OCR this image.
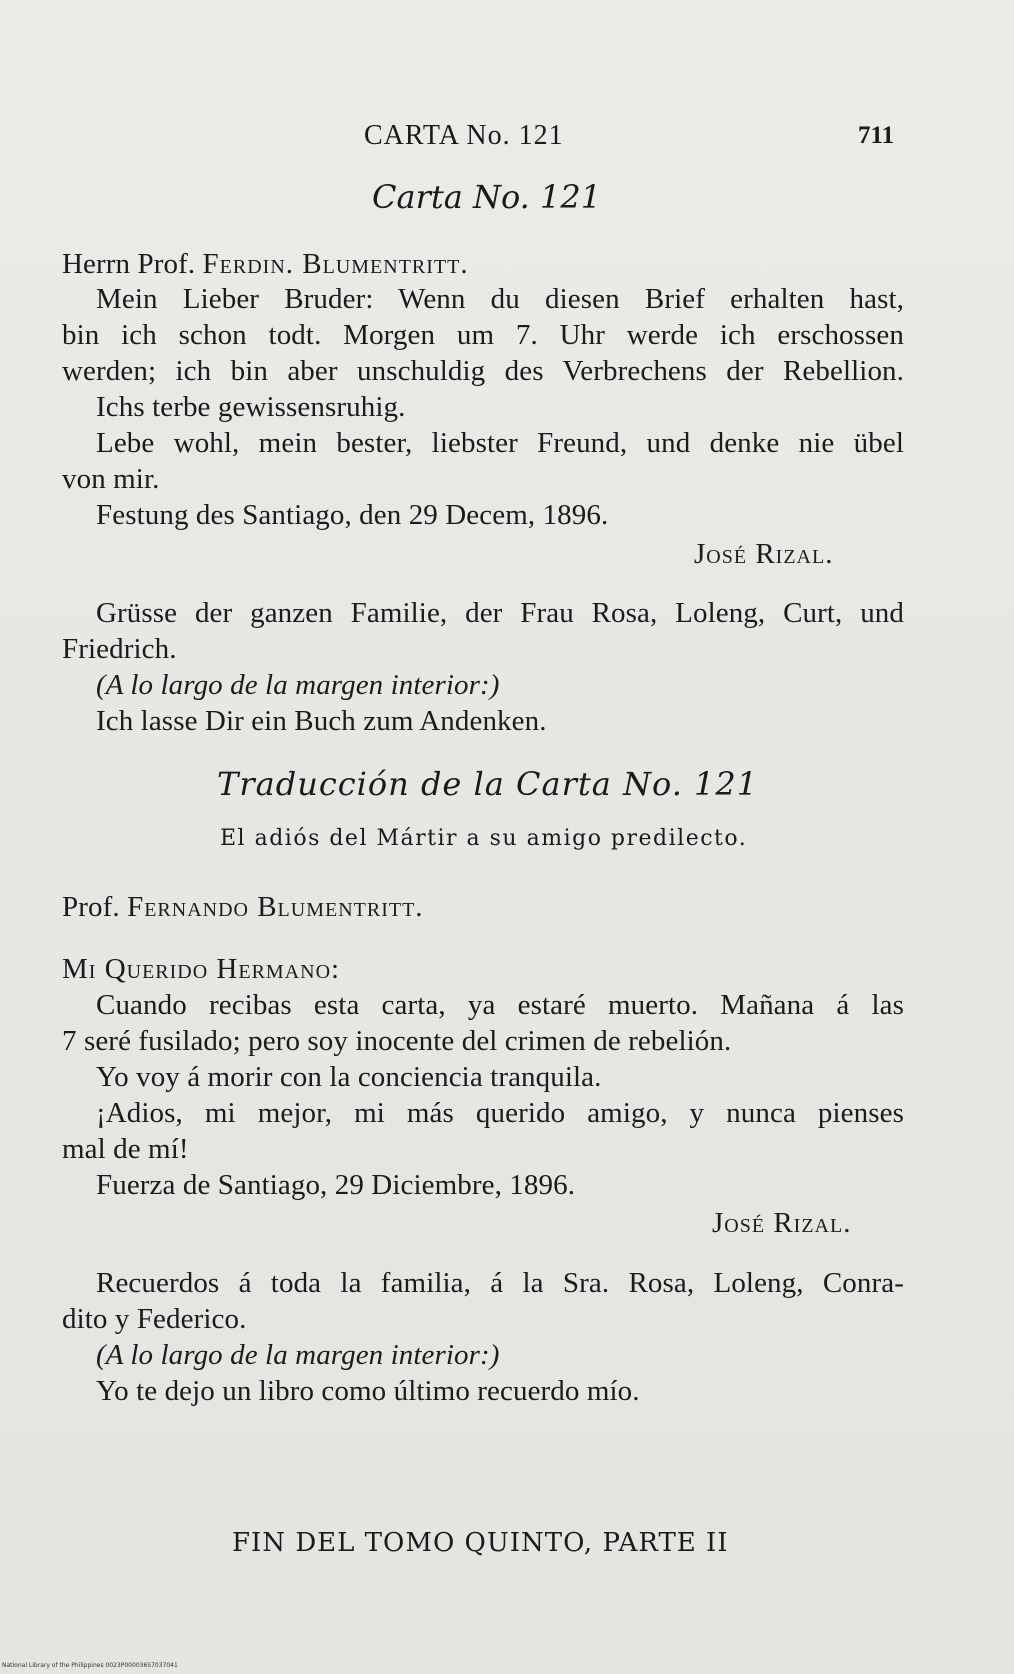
CARTA No. 121	711
Carta No. 121
Herrn Prof. Ferdin. Blumentritt.
Mein Lieber Bruder: Wenn du diesen Brief erhalten hast,
bin ich schon todt. Morgen um 7. Uhr werde ich erschossen
werden; ich bin aber unschuldig des Verbrechens der Rebellion.
Ichs terbe gewissensruhig.
Lebe wohl, mein bester, liebster Freund, und denke nie übel
von mir.
Festung des Santiago, den 29 Decem, 1896.
José Rizal.
Grüsse der ganzen Familie, der Frau Rosa, Loleng, Curt, und
Friedrich.
(A lo largo de la margen interior:)
Ich lasse Dir ein Buch zum Andenken.
Traducción de la Carta No. 121
El adiós del Mártir a su amigo predilecto.
Prof. Fernando Blumentritt.
Mi Querido Hermano:
Cuando recibas esta carta, ya estaré muerto. Mañana á las
7 seré fusilado; pero soy inocente del crimen de rebelión.
Yo voy á morir con la conciencia tranquila.
¡Adios, mi mejor, mi más querido amigo, y nunca pienses
mal de mí!
Fuerza de Santiago, 29 Diciembre, 1896.
José Rizal.
Recuerdos á toda la familia, á la Sra. Rosa, Loleng, Conra-
dito y Federico.
(A lo largo de la margen interior:)
Yo te dejo un libro como último recuerdo mío.
FIN DEL TOMO QUINTO, PARTE II
National Library of the Philippines 0023P000036S7037041
